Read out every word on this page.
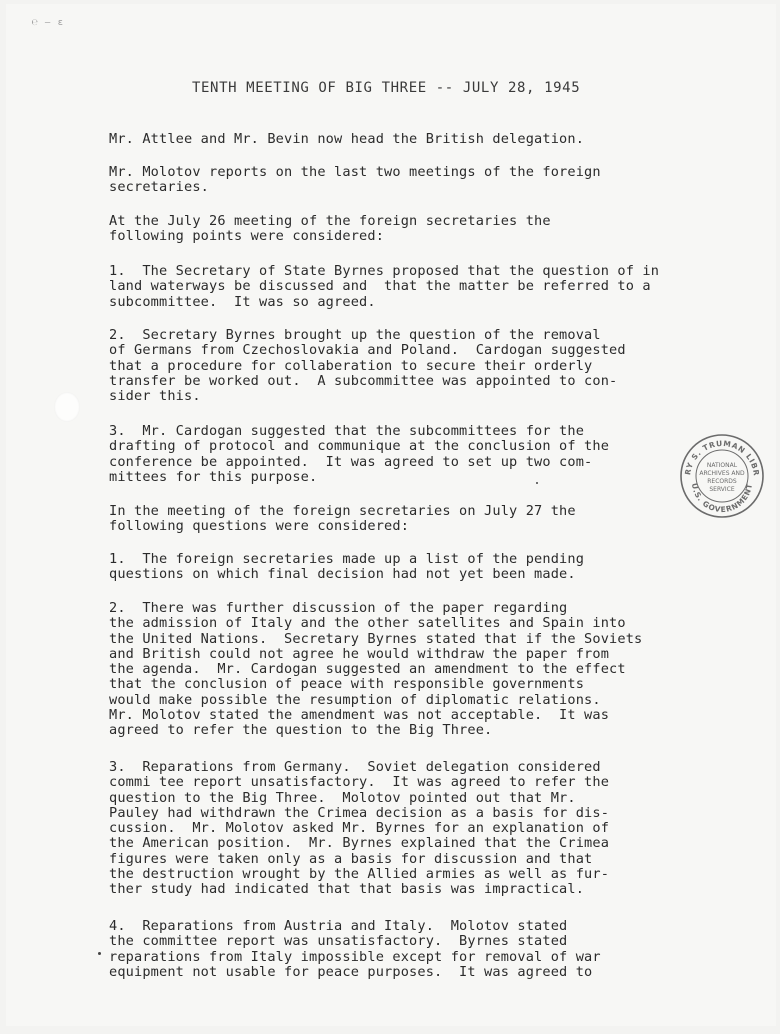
℮ — ε
TENTH MEETING OF BIG THREE -- JULY 28, 1945

Mr. Attlee and Mr. Bevin now head the British delegation.

Mr. Molotov reports on the last two meetings of the foreign
secretaries.

At the July 26 meeting of the foreign secretaries the
following points were considered:

1.  The Secretary of State Byrnes proposed that the question of in
land waterways be discussed and  that the matter be referred to a
subcommittee.  It was so agreed.

2.  Secretary Byrnes brought up the question of the removal
of Germans from Czechoslovakia and Poland.  Cardogan suggested
that a procedure for collaberation to secure their orderly
transfer be worked out.  A subcommittee was appointed to con-
sider this.

3.  Mr. Cardogan suggested that the subcommittees for the
drafting of protocol and communique at the conclusion of the
conference be appointed.  It was agreed to set up two com-
mittees for this purpose.

In the meeting of the foreign secretaries on July 27 the
following questions were considered:

1.  The foreign secretaries made up a list of the pending
questions on which final decision had not yet been made.

2.  There was further discussion of the paper regarding
the admission of Italy and the other satellites and Spain into
the United Nations.  Secretary Byrnes stated that if the Soviets
and British could not agree he would withdraw the paper from
the agenda.  Mr. Cardogan suggested an amendment to the effect
that the conclusion of peace with responsible governments
would make possible the resumption of diplomatic relations.
Mr. Molotov stated the amendment was not acceptable.  It was
agreed to refer the question to the Big Three.

3.  Reparations from Germany.  Soviet delegation considered
commi tee report unsatisfactory.  It was agreed to refer the
question to the Big Three.  Molotov pointed out that Mr.
Pauley had withdrawn the Crimea decision as a basis for dis-
cussion.  Mr. Molotov asked Mr. Byrnes for an explanation of
the American position.  Mr. Byrnes explained that the Crimea
figures were taken only as a basis for discussion and that
the destruction wrought by the Allied armies as well as fur-
ther study had indicated that that basis was impractical.

4.  Reparations from Austria and Italy.  Molotov stated
the committee report was unsatisfactory.  Byrnes stated
reparations from Italy impossible except for removal of war
equipment not usable for peace purposes.  It was agreed to

RY S. TRUMAN LIBR
U.S. GOVERNMENT
NATIONAL
ARCHIVES AND
RECORDS
SERVICE
